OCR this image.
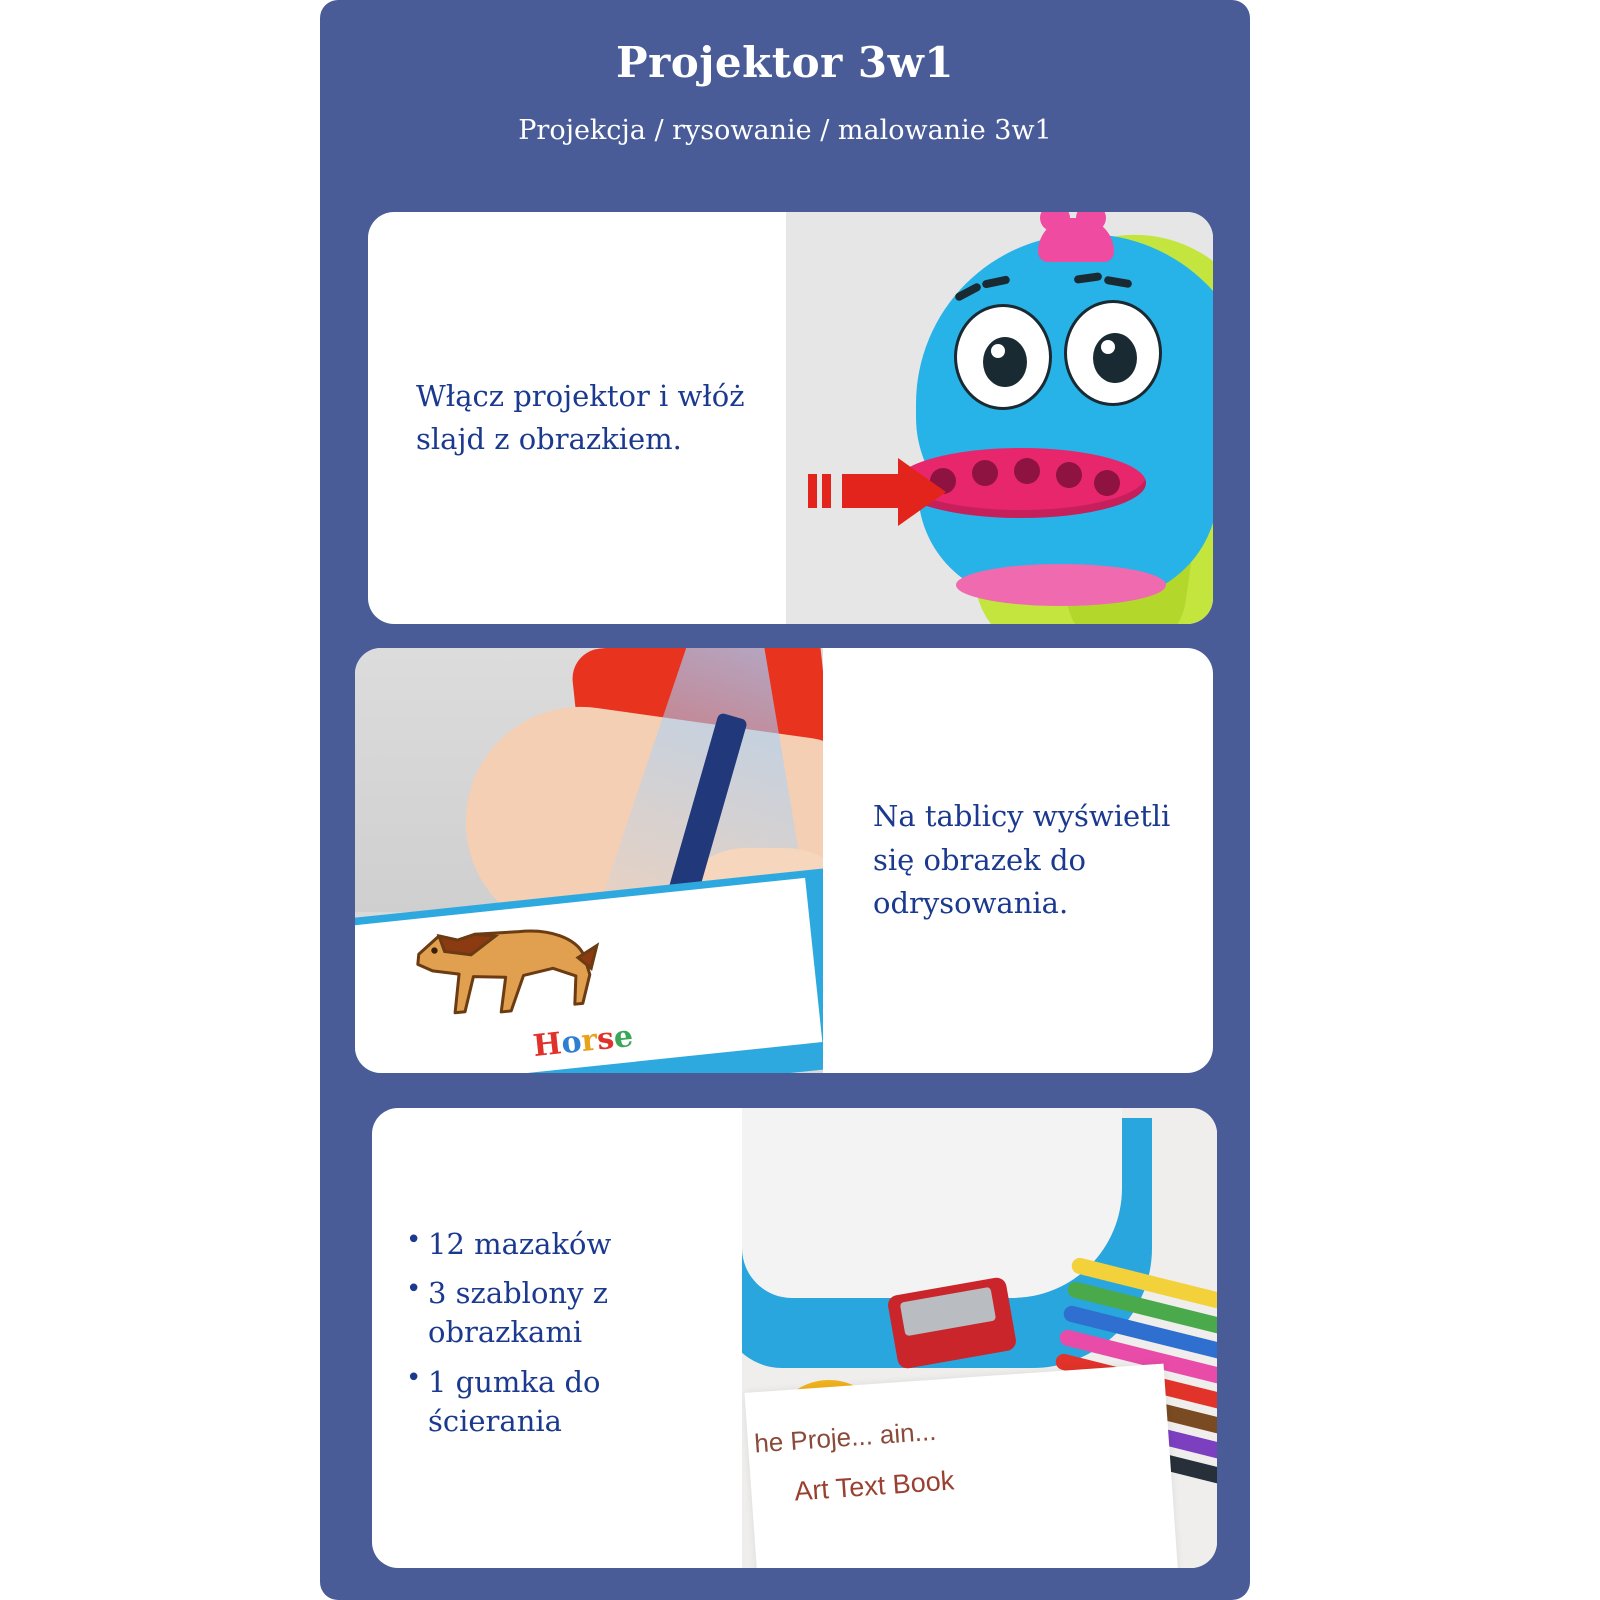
Projektor 3w1
Projekcja / rysowanie / malowanie 3w1
Włącz projektor i włóż slajd z obrazkiem.
Na tablicy wyświetli się obrazek do odrysowania.
Horse
• 12 mazaków
• 3 szablony z obrazkami
• 1 gumka do ścierania	he Proje... ain...
Art Text Book
